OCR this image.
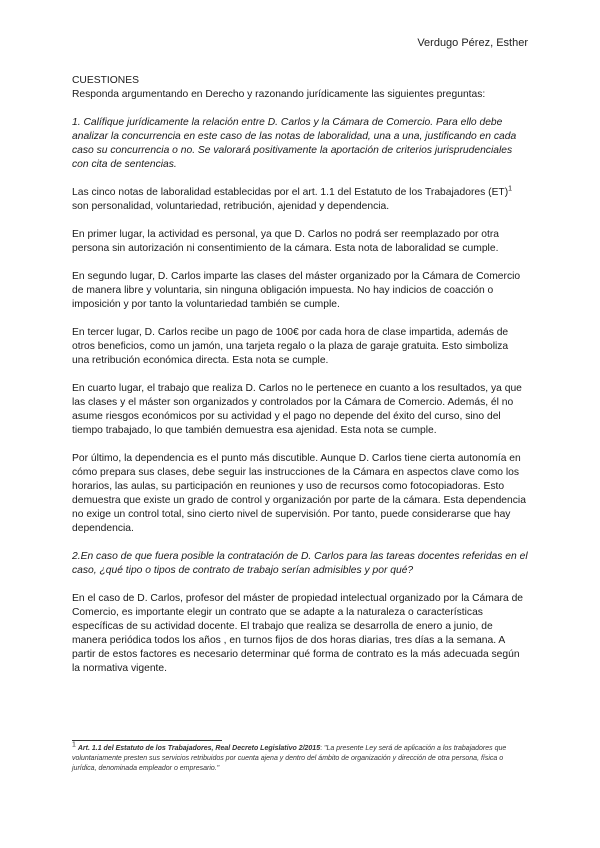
Verdugo Pérez, Esther

CUESTIONES

Responda argumentando en Derecho y razonando jurídicamente las siguientes preguntas:

1. Calífique jurídicamente la relación entre D. Carlos y la Cámara de Comercio. Para ello debe analizar la concurrencia en este caso de las notas de laboralidad, una a una, justificando en cada caso su concurrencia o no. Se valorará positivamente la aportación de criterios jurisprudenciales con cita de sentencias.

Las cinco notas de laboralidad establecidas por el art. 1.1 del Estatuto de los Trabajadores (ET)$^1$ son personalidad, voluntariedad, retribución, ajenidad y dependencia.

En primer lugar, la actividad es personal, ya que D. Carlos no podrá ser reemplazado por otra persona sin autorización ni consentimiento de la cámara. Esta nota de laboralidad se cumple.

En segundo lugar, D. Carlos imparte las clases del máster organizado por la Cámara de Comercio de manera libre y voluntaria, sin ninguna obligación impuesta. No hay indicios de coacción o imposición y por tanto la voluntariedad también se cumple.

En tercer lugar, D. Carlos recibe un pago de 100€ por cada hora de clase impartida, además de otros beneficios, como un jamón, una tarjeta regalo o la plaza de garaje gratuita. Esto simboliza una retribución económica directa. Esta nota se cumple.

En cuarto lugar, el trabajo que realiza D. Carlos no le pertenece en cuanto a los resultados, ya que las clases y el máster son organizados y controlados por la Cámara de Comercio. Además, él no asume riesgos económicos por su actividad y el pago no depende del éxito del curso, sino del tiempo trabajado, lo que también demuestra esa ajenidad. Esta nota se cumple.

Por último, la dependencia es el punto más discutible. Aunque D. Carlos tiene cierta autonomía en cómo prepara sus clases, debe seguir las instrucciones de la Cámara en aspectos clave como los horarios, las aulas, su participación en reuniones y uso de recursos como fotocopiadoras. Esto demuestra que existe un grado de control y organización por parte de la cámara. Esta dependencia no exige un control total, sino cierto nivel de supervisión. Por tanto, puede considerarse que hay dependencia.

2.En caso de que fuera posible la contratación de D. Carlos para las tareas docentes referidas en el caso, ¿qué tipo o tipos de contrato de trabajo serían admisibles y por qué?

En el caso de D. Carlos, profesor del máster de propiedad intelectual organizado por la Cámara de Comercio, es importante elegir un contrato que se adapte a la naturaleza o características específicas de su actividad docente. El trabajo que realiza se desarrolla de enero a junio, de manera periódica todos los años , en turnos fijos de dos horas diarias, tres días a la semana. A partir de estos factores es necesario determinar qué forma de contrato es la más adecuada según la normativa vigente.

$^1$ Art. 1.1 del Estatuto de los Trabajadores, Real Decreto Legislativo 2/2015: "La presente Ley será de aplicación a los trabajadores que voluntariamente presten sus servicios retribuidos por cuenta ajena y dentro del ámbito de organización y dirección de otra persona, física o jurídica, denominada empleador o empresario."
